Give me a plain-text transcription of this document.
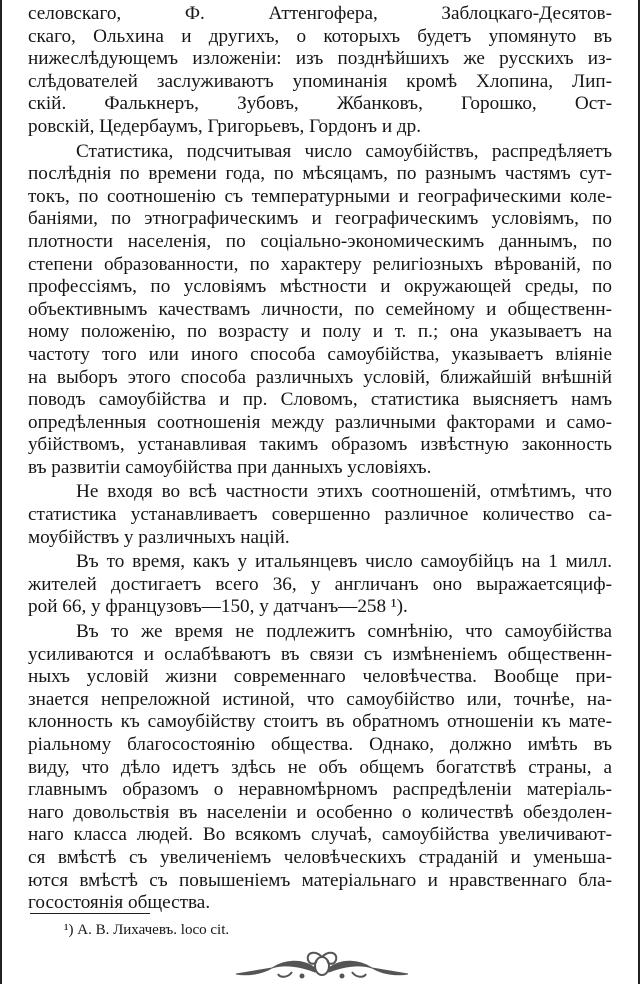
селовскаго, Ф. Аттенгофера, Заблоцкаго-Десятов-
скаго, Ольхина и другихъ, о которыхъ будетъ упомянуто въ
нижеслѣдующемъ изложеніи: изъ позднѣйшихъ же русскихъ из-
слѣдователей заслуживаютъ упоминанія кромѣ Хлопина, Лип-
скій. Фалькнеръ, Зубовъ, Жбанковъ, Горошко, Ост-
ровскій, Цедербаумъ, Григорьевъ, Гордонъ и др.
Статистика, подсчитывая число самоубійствъ, распредѣляетъ
послѣднія по времени года, по мѣсяцамъ, по разнымъ частямъ сут-
токъ, по соотношенію съ температурными и географическими коле-
баніями, по этнографическимъ и географическимъ условіямъ, по
плотности населенія, по соціально-экономическимъ даннымъ, по
степени образованности, по характеру религіозныхъ вѣрованій, по
профессіямъ, по условіямъ мѣстности и окружающей среды, по
объективнымъ качествамъ личности, по семейному и общественн-
ному положенію, по возрасту и полу и т. п.; она указываетъ на
частоту того или иного способа самоубійства, указываетъ вліяніе
на выборъ этого способа различныхъ условій, ближайшій внѣшній
поводъ самоубійства и пр. Словомъ, статистика выясняетъ намъ
опредѣленныя соотношенія между различными факторами и само-
убійствомъ, устанавливая такимъ образомъ извѣстную законность
въ развитіи самоубійства при данныхъ условіяхъ.
Не входя во всѣ частности этихъ соотношеній, отмѣтимъ, что
статистика устанавливаетъ совершенно различное количество са-
моубійствъ у различныхъ націй.
Въ то время, какъ у итальянцевъ число самоубійцъ на 1 милл.
жителей достигаетъ всего 36, у англичанъ оно выражаетсяциф-
рой 66, у французовъ—150, у датчанъ—258 ¹).
Въ то же время не подлежитъ сомнѣнію, что самоубійства
усиливаются и ослабѣваютъ въ связи съ измѣненіемъ общественн-
ныхъ условій жизни современнаго человѣчества. Вообще при-
знается непреложной истиной, что самоубійство или, точнѣе, на-
клонность къ самоубійству стоитъ въ обратномъ отношеніи къ мате-
ріальному благосостоянію общества. Однако, должно имѣть въ
виду, что дѣло идетъ здѣсь не объ общемъ богатствѣ страны, а
главнымъ образомъ о неравномѣрномъ распредѣленіи матеріаль-
наго довольствія въ населеніи и особенно о количествѣ обездолен-
наго класса людей. Во всякомъ случаѣ, самоубійства увеличивают-
ся вмѣстѣ съ увеличеніемъ человѣческихъ страданій и уменьша-
ются вмѣстѣ съ повышеніемъ матеріальнаго и нравственнаго бла-
госостоянія общества.
¹) А. В. Лихачевъ. loco cit.
